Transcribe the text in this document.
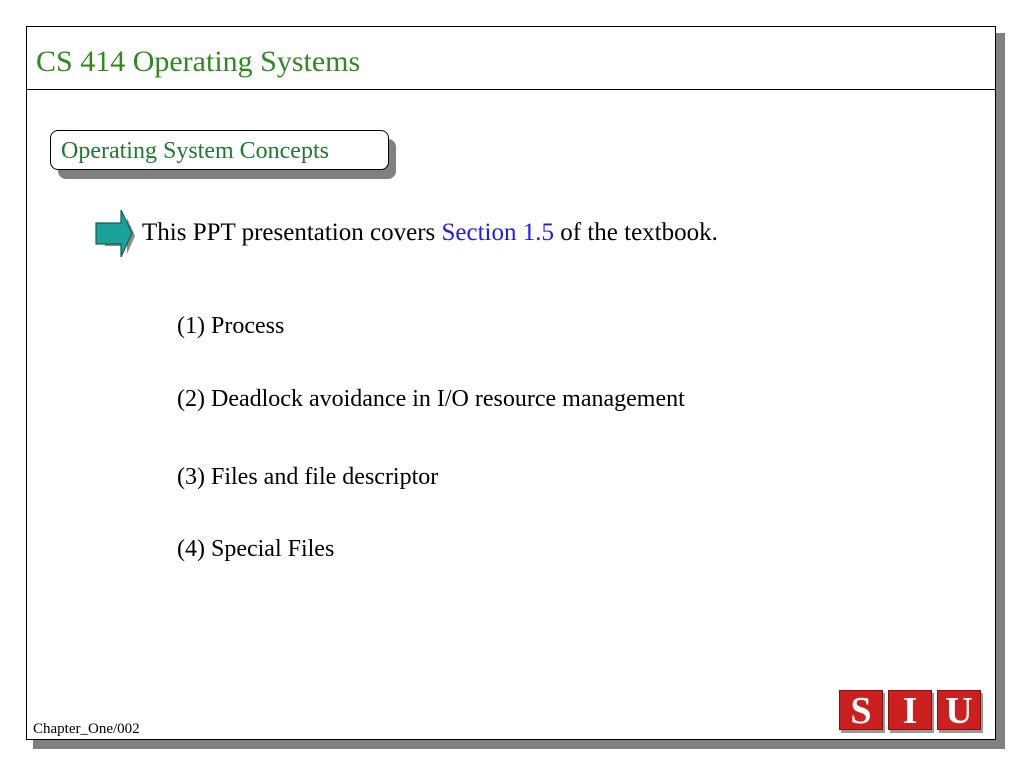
CS 414 Operating Systems
Operating System Concepts
This PPT presentation covers Section 1.5 of the textbook.
(1) Process
(2) Deadlock avoidance in I/O resource management
(3) Files and file descriptor
(4) Special Files
Chapter_One/002	S I U
